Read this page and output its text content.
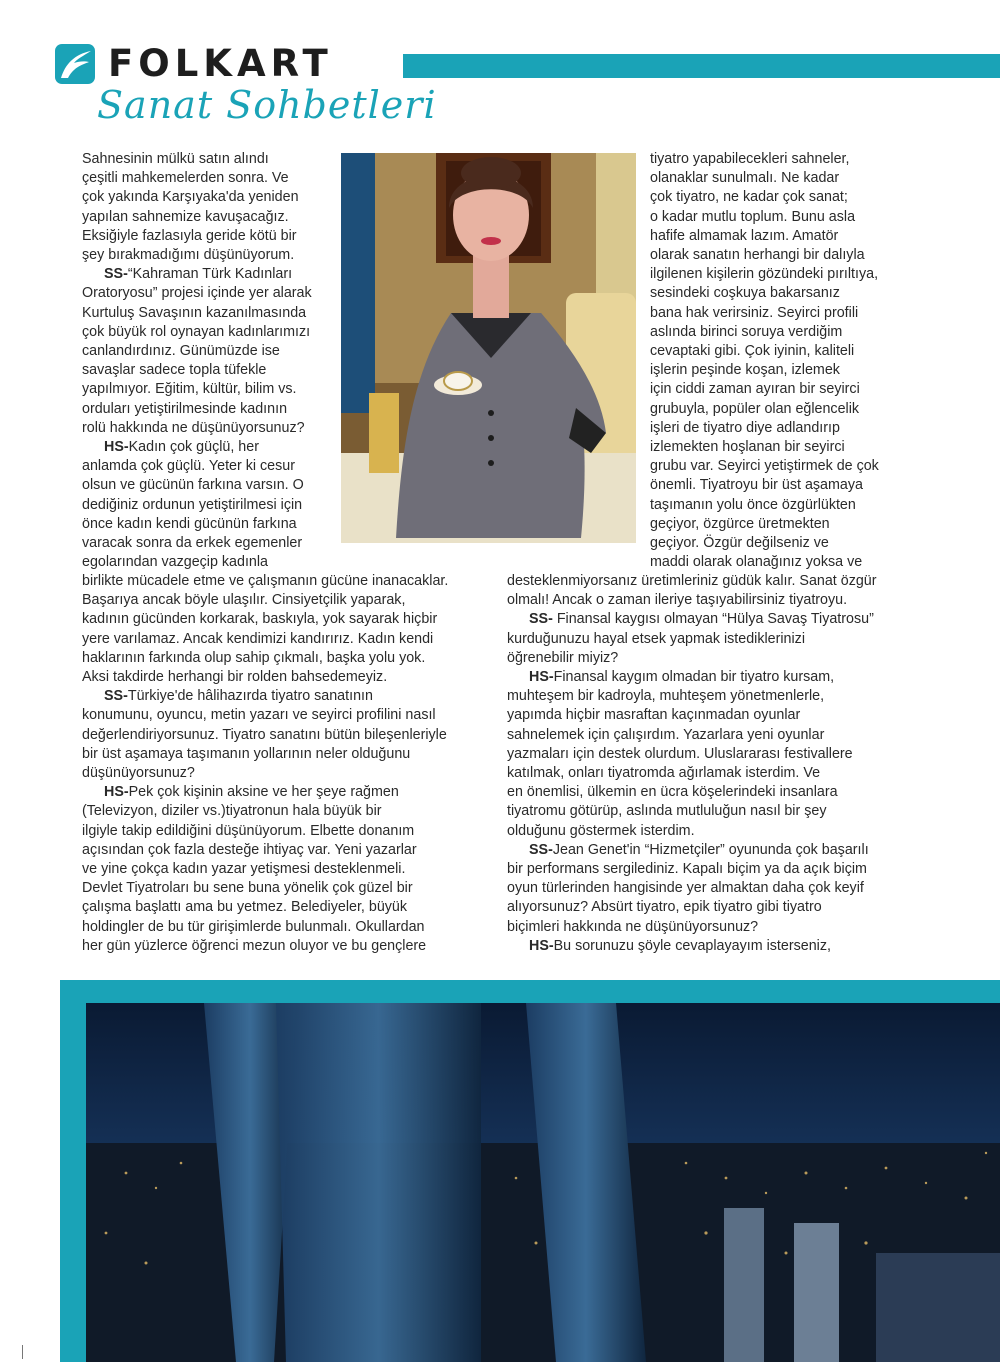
FOLKART
Sanat Sohbetleri

Sahnesinin mülkü satın alındı

çeşitli mahkemelerden sonra. Ve

çok yakında Karşıyaka'da yeniden

yapılan sahnemize kavuşacağız.

Eksiğiyle fazlasıyla geride kötü bir

şey bırakmadığımı düşünüyorum.

SS-“Kahraman Türk Kadınları

Oratoryosu” projesi içinde yer alarak

Kurtuluş Savaşının kazanılmasında

çok büyük rol oynayan kadınlarımızı

canlandırdınız. Günümüzde ise

savaşlar sadece topla tüfekle

yapılmıyor. Eğitim, kültür, bilim vs.

orduları yetiştirilmesinde kadının

rolü hakkında ne düşünüyorsunuz?

HS-Kadın çok güçlü, her

anlamda çok güçlü. Yeter ki cesur

olsun ve gücünün farkına varsın. O

dediğiniz ordunun yetiştirilmesi için

önce kadın kendi gücünün farkına

varacak sonra da erkek egemenler

egolarından vazgeçip kadınla

tiyatro yapabilecekleri sahneler,

olanaklar sunulmalı. Ne kadar

çok tiyatro, ne kadar çok sanat;

o kadar mutlu toplum. Bunu asla

hafife almamak lazım. Amatör

olarak sanatın herhangi bir dalıyla

ilgilenen kişilerin gözündeki pırıltıya,

sesindeki coşkuya bakarsanız

bana hak verirsiniz. Seyirci profili

aslında birinci soruya verdiğim

cevaptaki gibi. Çok iyinin, kaliteli

işlerin peşinde koşan, izlemek

için ciddi zaman ayıran bir seyirci

grubuyla, popüler olan eğlencelik

işleri de tiyatro diye adlandırıp

izlemekten hoşlanan bir seyirci

grubu var. Seyirci yetiştirmek de çok

önemli. Tiyatroyu bir üst aşamaya

taşımanın yolu önce özgürlükten

geçiyor, özgürce üretmekten

geçiyor. Özgür değilseniz ve

maddi olarak olanağınız yoksa ve

birlikte mücadele etme ve çalışmanın gücüne inanacaklar.

Başarıya ancak böyle ulaşılır. Cinsiyetçilik yaparak,

kadının gücünden korkarak, baskıyla, yok sayarak hiçbir

yere varılamaz. Ancak kendimizi kandırırız. Kadın kendi

haklarının farkında olup sahip çıkmalı, başka yolu yok.

Aksi takdirde herhangi bir rolden bahsedemeyiz.

SS-Türkiye'de hâlihazırda tiyatro sanatının

konumunu, oyuncu, metin yazarı ve seyirci profilini nasıl

değerlendiriyorsunuz. Tiyatro sanatını bütün bileşenleriyle

bir üst aşamaya taşımanın yollarının neler olduğunu

düşünüyorsunuz?

HS-Pek çok kişinin aksine ve her şeye rağmen

(Televizyon, diziler vs.)tiyatronun hala büyük bir

ilgiyle takip edildiğini düşünüyorum. Elbette donanım

açısından çok fazla desteğe ihtiyaç var. Yeni yazarlar

ve yine çokça kadın yazar yetişmesi desteklenmeli.

Devlet Tiyatroları bu sene buna yönelik çok güzel bir

çalışma başlattı ama bu yetmez. Belediyeler, büyük

holdingler de bu tür girişimlerde bulunmalı. Okullardan

her gün yüzlerce öğrenci mezun oluyor ve bu gençlere

desteklenmiyorsanız üretimleriniz güdük kalır. Sanat özgür

olmalı! Ancak o zaman ileriye taşıyabilirsiniz tiyatroyu.

SS- Finansal kaygısı olmayan “Hülya Savaş Tiyatrosu”

kurduğunuzu hayal etsek yapmak istediklerinizi

öğrenebilir miyiz?

HS-Finansal kaygım olmadan bir tiyatro kursam,

muhteşem bir kadroyla, muhteşem yönetmenlerle,

yapımda hiçbir masraftan kaçınmadan oyunlar

sahnelemek için çalışırdım. Yazarlara yeni oyunlar

yazmaları için destek olurdum. Uluslararası festivallere

katılmak, onları tiyatromda ağırlamak isterdim. Ve

en önemlisi, ülkemin en ücra köşelerindeki insanlara

tiyatromu götürüp, aslında mutluluğun nasıl bir şey

olduğunu göstermek isterdim.

SS-Jean Genet'in “Hizmetçiler” oyununda çok başarılı

bir performans sergilediniz. Kapalı biçim ya da açık biçim

oyun türlerinden hangisinde yer almaktan daha çok keyif

alıyorsunuz? Absürt tiyatro, epik tiyatro gibi tiyatro

biçimleri hakkında ne düşünüyorsunuz?

HS-Bu sorunuzu şöyle cevaplayayım isterseniz,
